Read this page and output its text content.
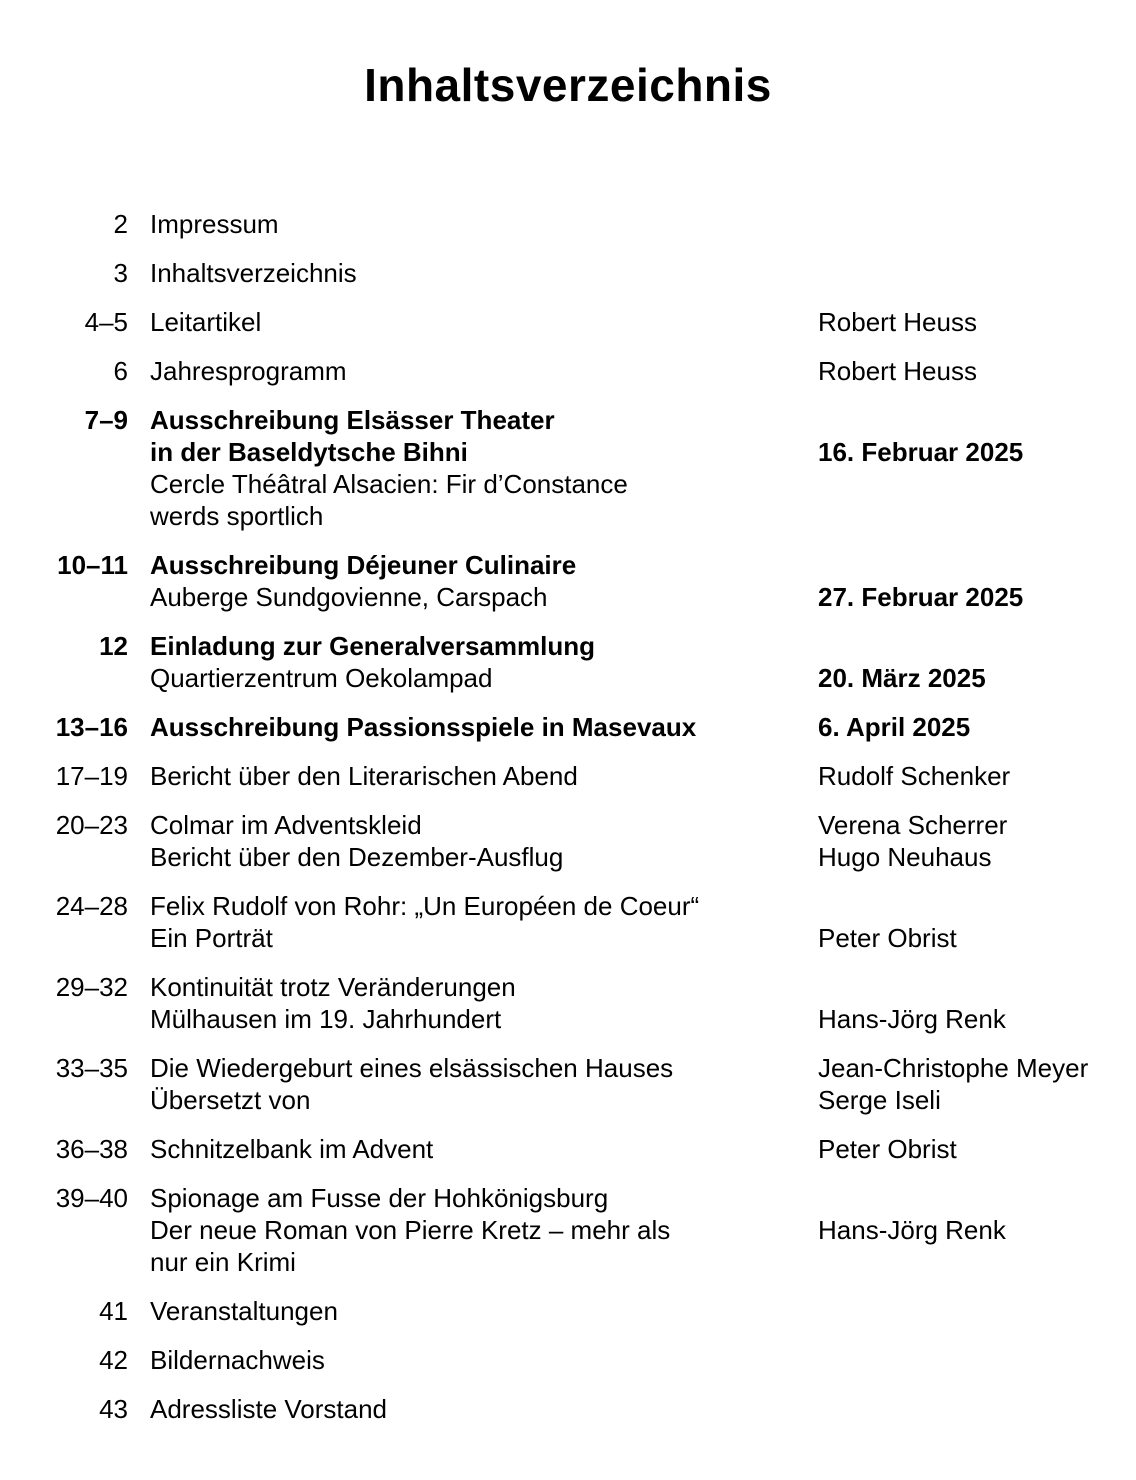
Inhaltsverzeichnis
2 Impressum
3 Inhaltsverzeichnis
4–5 Leitartikel	Robert Heuss
6 Jahresprogramm	Robert Heuss
7–9 Ausschreibung Elsässer Theater
in der Baseldytsche Bihni	16. Februar 2025
Cercle Théâtral Alsacien: Fir d’Constance
werds sportlich
10–11 Ausschreibung Déjeuner Culinaire
Auberge Sundgovienne, Carspach	27. Februar 2025
12 Einladung zur Generalversammlung
Quartierzentrum Oekolampad	20. März 2025
13–16 Ausschreibung Passionsspiele in Masevaux	6. April 2025
17–19 Bericht über den Literarischen Abend	Rudolf Schenker
20–23 Colmar im Adventskleid	Verena Scherrer
Bericht über den Dezember-Ausflug	Hugo Neuhaus
24–28 Felix Rudolf von Rohr: „Un Européen de Coeur“
Ein Porträt	Peter Obrist
29–32 Kontinuität trotz Veränderungen
Mülhausen im 19. Jahrhundert	Hans-Jörg Renk
33–35 Die Wiedergeburt eines elsässischen Hauses	Jean-Christophe Meyer
Übersetzt von	Serge Iseli
36–38 Schnitzelbank im Advent	Peter Obrist
39–40 Spionage am Fusse der Hohkönigsburg
Der neue Roman von Pierre Kretz – mehr als	Hans-Jörg Renk
nur ein Krimi
41 Veranstaltungen
42 Bildernachweis
43 Adressliste Vorstand
